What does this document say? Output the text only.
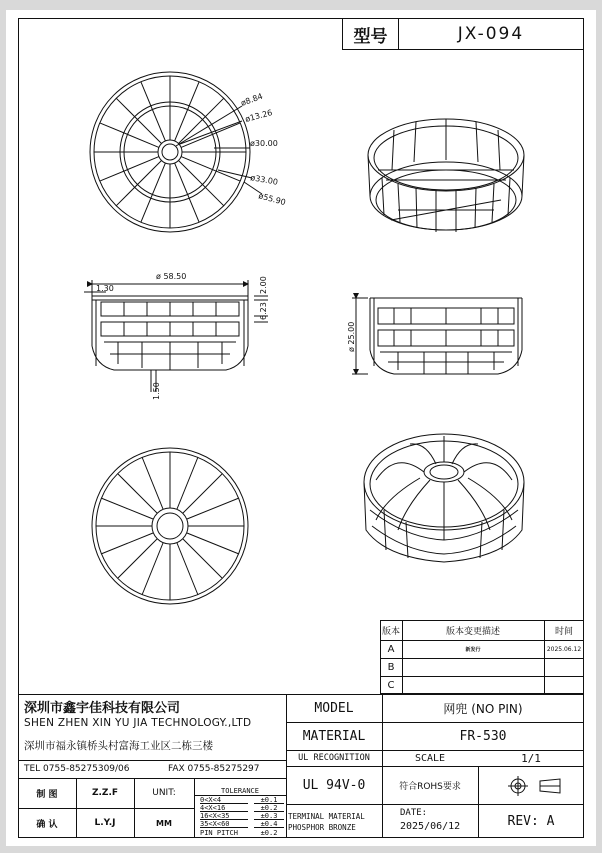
型号	JX-094
ø8.84
ø13.26
ø30.00
ø33.00
ø55.90
ø 58.50
1.30	2.00
6.23
1.50
ø 25.00
版本	版本变更描述	时间
A	新发行	2025.06.12
B
C
深圳市鑫宇佳科技有限公司
SHEN ZHEN XIN YU JIA TECHNOLOGY.,LTD
深圳市福永镇桥头村富海工业区二栋三楼
TEL 0755-85275309/06	FAX 0755-85275297
制 图	Z.Z.F	UNIT:
确 认	L.Y.J	MM
TOLERANCE
0<X<4	±0.1
4<X<16	±0.2
16<X<35	±0.3
35<X<60	±0.4
PIN PITCH	±0.2
MODEL	网兜 (NO PIN)
MATERIAL	FR-530
UL RECOGNITION	SCALE	1/1
UL 94V-0	符合ROHS要求
TERMINAL MATERIAL
PHOSPHOR BRONZE
DATE:
2025/06/12	REV: A
